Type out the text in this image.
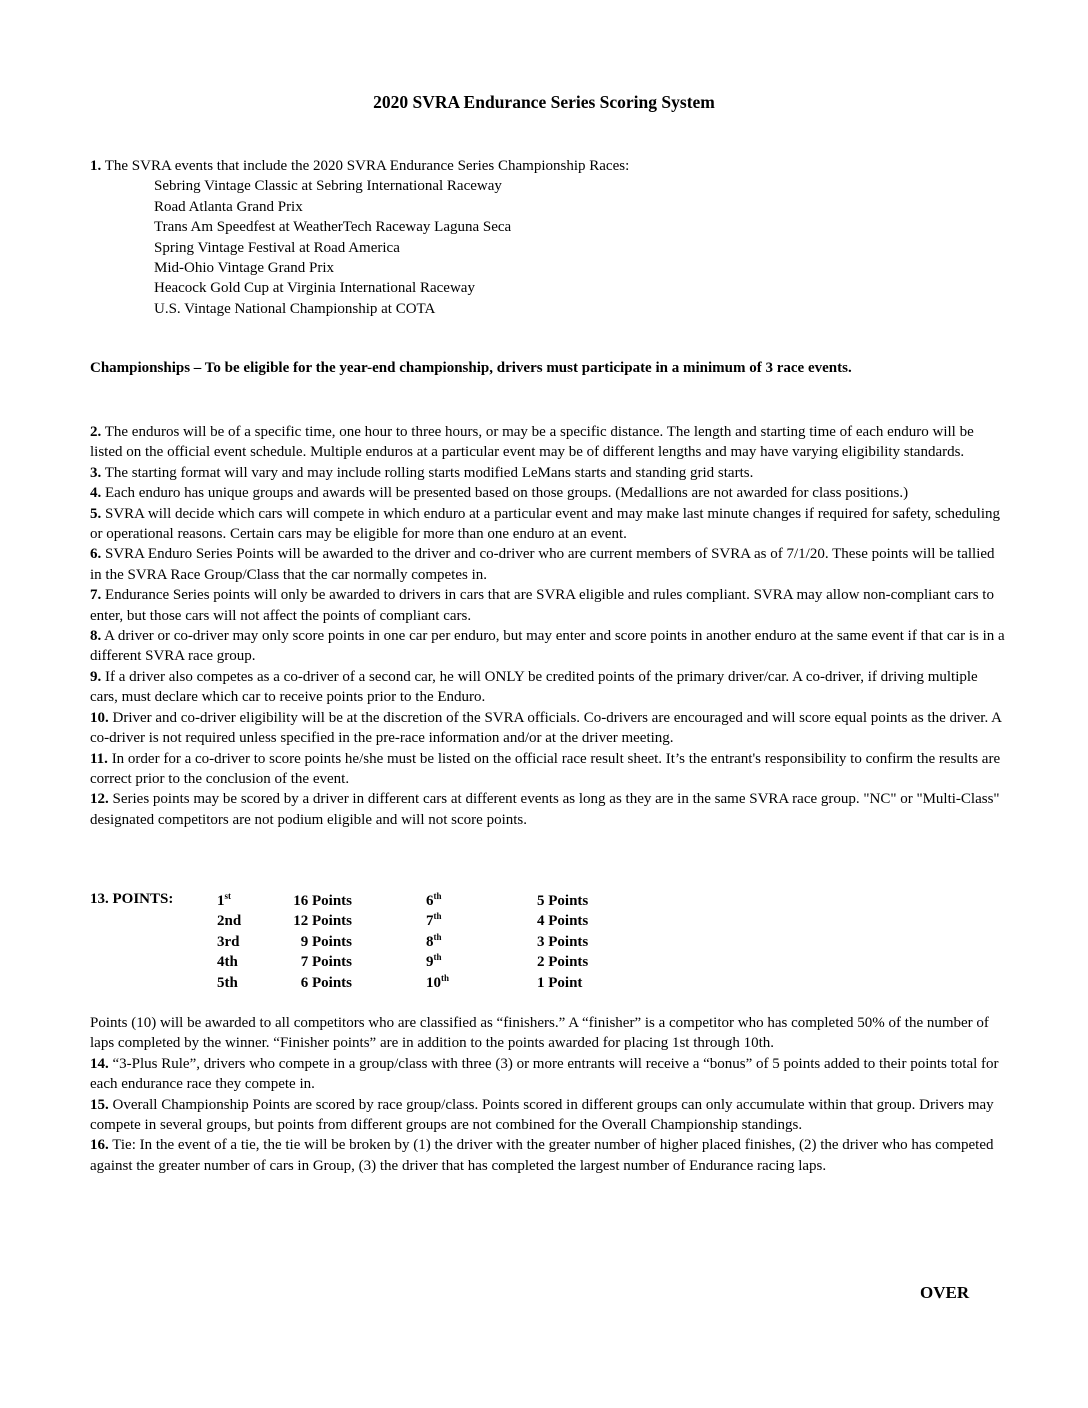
2020 SVRA Endurance Series Scoring System

1. The SVRA events that include the 2020 SVRA Endurance Series Championship Races:

Sebring Vintage Classic at Sebring International Raceway
Road Atlanta Grand Prix
Trans Am Speedfest at WeatherTech Raceway Laguna Seca
Spring Vintage Festival at Road America
Mid-Ohio Vintage Grand Prix
Heacock Gold Cup at Virginia International Raceway
U.S. Vintage National Championship at COTA
Championships – To be eligible for the year-end championship, drivers must participate in a minimum of 3 race events.

2. The enduros will be of a specific time, one hour to three hours, or may be a specific distance. The length and starting time of each enduro will be listed on the official event schedule. Multiple enduros at a particular event may be of different lengths and may have varying eligibility standards.

3. The starting format will vary and may include rolling starts modified LeMans starts and standing grid starts.

4. Each enduro has unique groups and awards will be presented based on those groups. (Medallions are not awarded for class positions.)

5. SVRA will decide which cars will compete in which enduro at a particular event and may make last minute changes if required for safety, scheduling or operational reasons. Certain cars may be eligible for more than one enduro at an event.

6. SVRA Enduro Series Points will be awarded to the driver and co-driver who are current members of SVRA as of 7/1/20. These points will be tallied in the SVRA Race Group/Class that the car normally competes in.

7. Endurance Series points will only be awarded to drivers in cars that are SVRA eligible and rules compliant. SVRA may allow non-compliant cars to enter, but those cars will not affect the points of compliant cars.

8. A driver or co-driver may only score points in one car per enduro, but may enter and score points in another enduro at the same event if that car is in a different SVRA race group.

9. If a driver also competes as a co-driver of a second car, he will ONLY be credited points of the primary driver/car. A co-driver, if driving multiple cars, must declare which car to receive points prior to the Enduro.

10. Driver and co-driver eligibility will be at the discretion of the SVRA officials. Co-drivers are encouraged and will score equal points as the driver. A co-driver is not required unless specified in the pre-race information and/or at the driver meeting.

11. In order for a co-driver to score points he/she must be listed on the official race result sheet. It’s the entrant's responsibility to confirm the results are correct prior to the conclusion of the event.

12. Series points may be scored by a driver in different cars at different events as long as they are in the same SVRA race group. "NC" or "Multi-Class" designated competitors are not podium eligible and will not score points.

13. POINTS:	1st	16 Points	6th	5 Points
2nd	12 Points	7th	4 Points
3rd	9 Points	8th	3 Points
4th	7 Points	9th	2 Points
5th	6 Points	10th	1 Point

Points (10) will be awarded to all competitors who are classified as “finishers.” A “finisher” is a competitor who has completed 50% of the number of laps completed by the winner. “Finisher points” are in addition to the points awarded for placing 1st through 10th.

14. “3-Plus Rule”, drivers who compete in a group/class with three (3) or more entrants will receive a “bonus” of 5 points added to their points total for each endurance race they compete in.

15. Overall Championship Points are scored by race group/class. Points scored in different groups can only accumulate within that group. Drivers may compete in several groups, but points from different groups are not combined for the Overall Championship standings.

16. Tie: In the event of a tie, the tie will be broken by (1) the driver with the greater number of higher placed finishes, (2) the driver who has competed against the greater number of cars in Group, (3) the driver that has completed the largest number of Endurance racing laps.

OVER
